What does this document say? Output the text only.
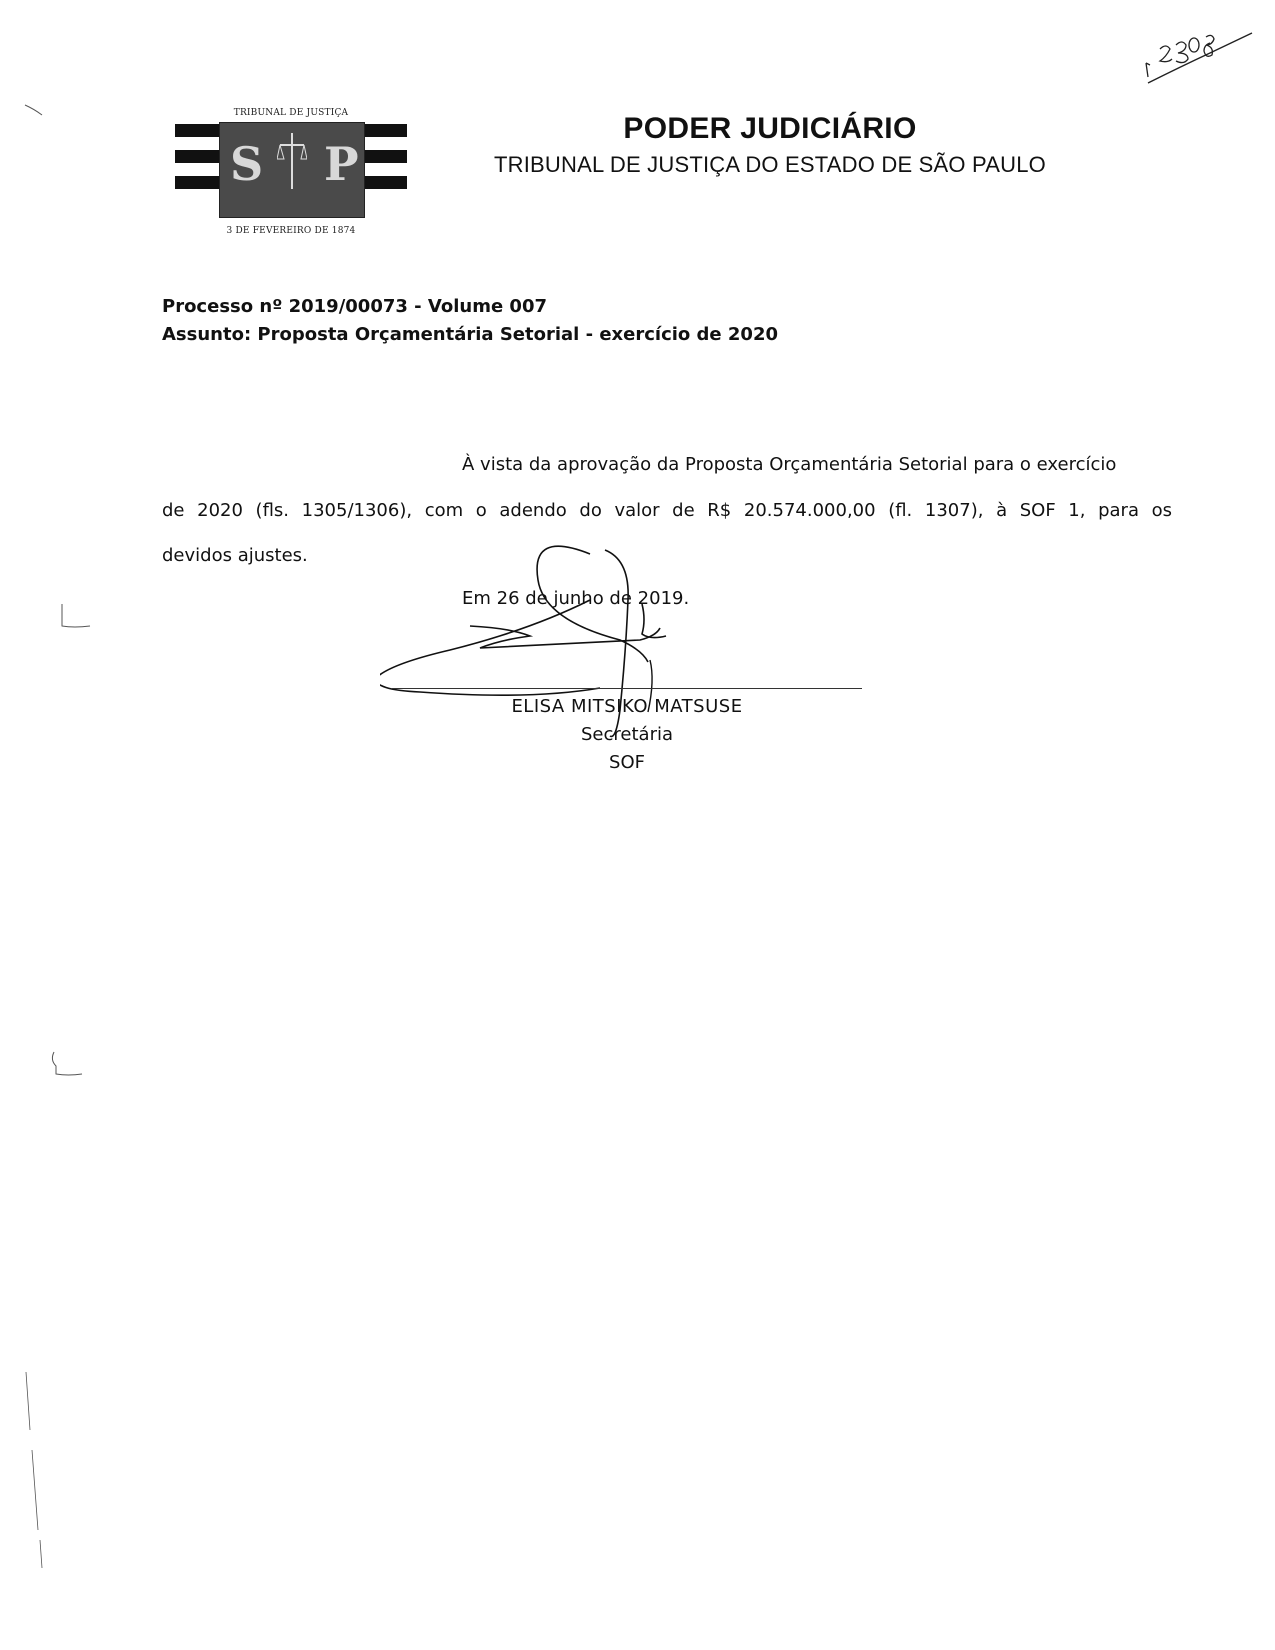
TRIBUNAL DE JUSTIÇA
S P
3 DE FEVEREIRO DE 1874
PODER JUDICIÁRIO
TRIBUNAL DE JUSTIÇA DO ESTADO DE SÃO PAULO
Processo nº 2019/00073 - Volume 007
Assunto: Proposta Orçamentária Setorial - exercício de 2020
À vista da aprovação da Proposta Orçamentária Setorial para o exercício
de 2020 (fls. 1305/1306), com o adendo do valor de R$ 20.574.000,00 (fl. 1307), à SOF 1, para os
devidos ajustes.
Em 26 de junho de 2019.
ELISA MITSIKO MATSUSE
Secretária
SOF
